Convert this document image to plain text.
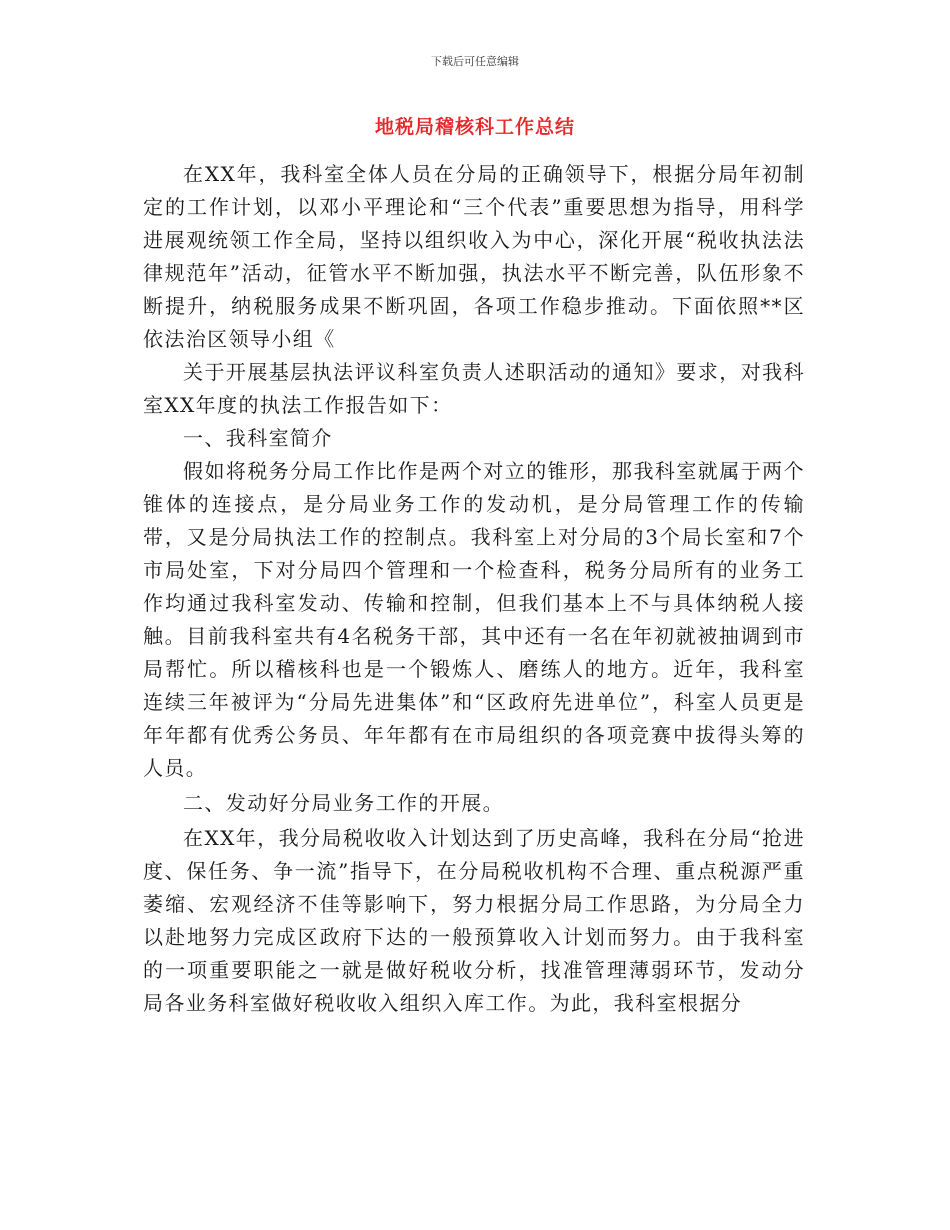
下载后可任意编辑
地税局稽核科工作总结

在XX年，我科室全体人员在分局的正确领导下，根据分局年初制定的工作计划，以邓小平理论和“三个代表”重要思想为指导，用科学进展观统领工作全局，坚持以组织收入为中心，深化开展“税收执法法律规范年”活动，征管水平不断加强，执法水平不断完善，队伍形象不断提升，纳税服务成果不断巩固，各项工作稳步推动。下面依照**区依法治区领导小组《

关于开展基层执法评议科室负责人述职活动的通知》要求，对我科室XX年度的执法工作报告如下：

一、我科室简介

假如将税务分局工作比作是两个对立的锥形，那我科室就属于两个锥体的连接点，是分局业务工作的发动机，是分局管理工作的传输带，又是分局执法工作的控制点。我科室上对分局的3个局长室和7个市局处室，下对分局四个管理和一个检查科，税务分局所有的业务工作均通过我科室发动、传输和控制，但我们基本上不与具体纳税人接触。目前我科室共有4名税务干部，其中还有一名在年初就被抽调到市局帮忙。所以稽核科也是一个锻炼人、磨练人的地方。近年，我科室连续三年被评为“分局先进集体”和“区政府先进单位”，科室人员更是年年都有优秀公务员、年年都有在市局组织的各项竞赛中拔得头筹的人员。

二、发动好分局业务工作的开展。

在XX年，我分局税收收入计划达到了历史高峰，我科在分局“抢进度、保任务、争一流”指导下，在分局税收机构不合理、重点税源严重萎缩、宏观经济不佳等影响下，努力根据分局工作思路，为分局全力以赴地努力完成区政府下达的一般预算收入计划而努力。由于我科室的一项重要职能之一就是做好税收分析，找准管理薄弱环节，发动分局各业务科室做好税收收入组织入库工作。为此，我科室根据分
